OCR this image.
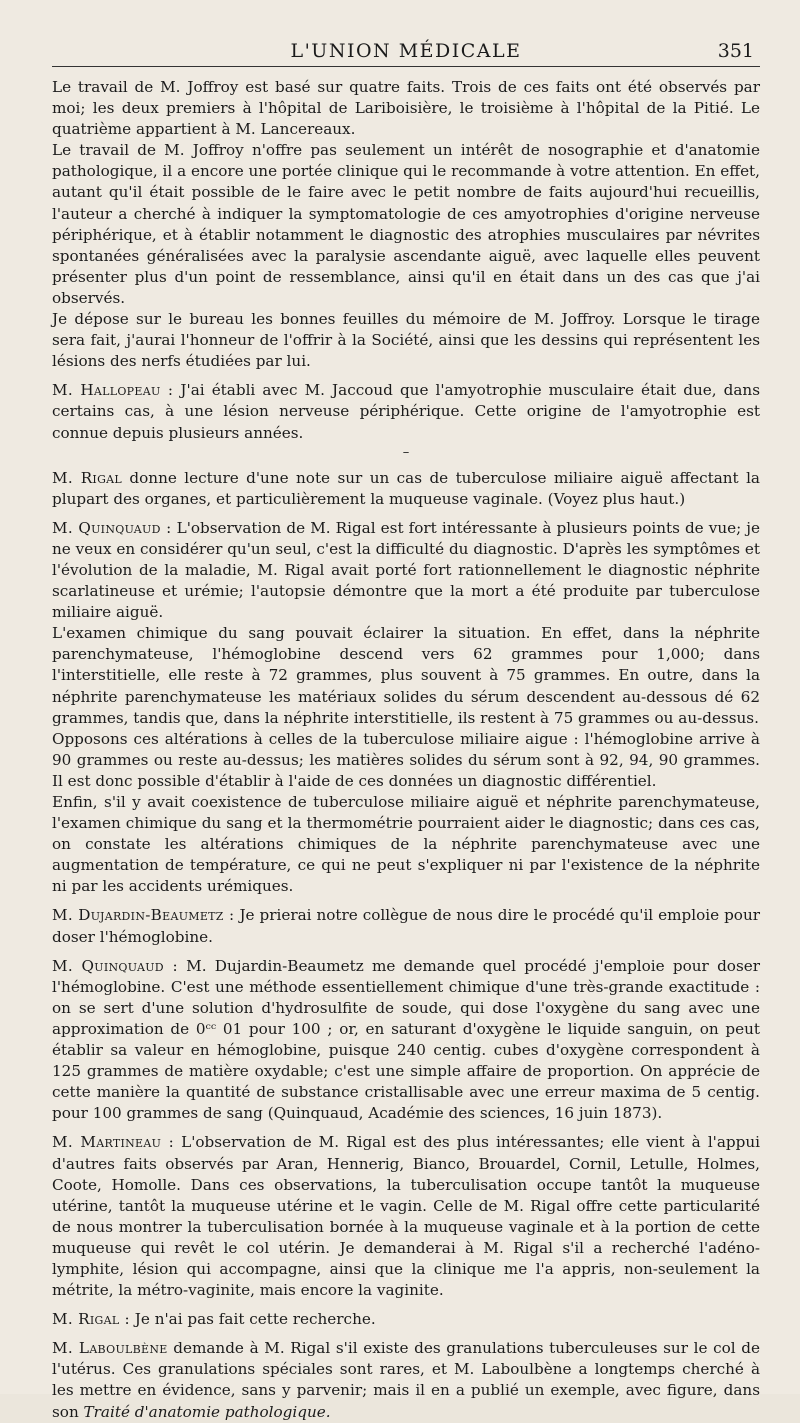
L'UNION MÉDICALE	351

Le travail de M. Joffroy est basé sur quatre faits. Trois de ces faits ont été observés par moi; les deux premiers à l'hôpital de Lariboisière, le troisième à l'hôpital de la Pitié. Le quatrième appartient à M. Lancereaux.

Le travail de M. Joffroy n'offre pas seulement un intérêt de nosographie et d'anatomie pathologique, il a encore une portée clinique qui le recommande à votre attention. En effet, autant qu'il était possible de le faire avec le petit nombre de faits aujourd'hui recueillis, l'auteur a cherché à indiquer la symptomatologie de ces amyotrophies d'origine nerveuse périphérique, et à établir notamment le diagnostic des atrophies musculaires par névrites spontanées généralisées avec la paralysie ascendante aiguë, avec laquelle elles peuvent présenter plus d'un point de ressemblance, ainsi qu'il en était dans un des cas que j'ai observés.

Je dépose sur le bureau les bonnes feuilles du mémoire de M. Joffroy. Lorsque le tirage sera fait, j'aurai l'honneur de l'offrir à la Société, ainsi que les dessins qui représentent les lésions des nerfs étudiées par lui.

M. Hallopeau : J'ai établi avec M. Jaccoud que l'amyotrophie musculaire était due, dans certains cas, à une lésion nerveuse périphérique. Cette origine de l'amyotrophie est connue depuis plusieurs années.

–

M. Rigal donne lecture d'une note sur un cas de tuberculose miliaire aiguë affectant la plupart des organes, et particulièrement la muqueuse vaginale. (Voyez plus haut.)

M. Quinquaud : L'observation de M. Rigal est fort intéressante à plusieurs points de vue; je ne veux en considérer qu'un seul, c'est la difficulté du diagnostic. D'après les symptômes et l'évolution de la maladie, M. Rigal avait porté fort rationnellement le diagnostic néphrite scarlatineuse et urémie; l'autopsie démontre que la mort a été produite par tuberculose miliaire aiguë.

L'examen chimique du sang pouvait éclairer la situation. En effet, dans la néphrite parenchymateuse, l'hémoglobine descend vers 62 grammes pour 1,000; dans l'interstitielle, elle reste à 72 grammes, plus souvent à 75 grammes. En outre, dans la néphrite parenchymateuse les matériaux solides du sérum descendent au-dessous dé 62 grammes, tandis que, dans la néphrite interstitielle, ils restent à 75 grammes ou au-dessus.

Opposons ces altérations à celles de la tuberculose miliaire aigue : l'hémoglobine arrive à 90 grammes ou reste au-dessus; les matières solides du sérum sont à 92, 94, 90 grammes. Il est donc possible d'établir à l'aide de ces données un diagnostic différentiel.

Enfin, s'il y avait coexistence de tuberculose miliaire aiguë et néphrite parenchymateuse, l'examen chimique du sang et la thermométrie pourraient aider le diagnostic; dans ces cas, on constate les altérations chimiques de la néphrite parenchymateuse avec une augmentation de température, ce qui ne peut s'expliquer ni par l'existence de la néphrite ni par les accidents urémiques.

M. Dujardin-Beaumetz : Je prierai notre collègue de nous dire le procédé qu'il emploie pour doser l'hémoglobine.

M. Quinquaud : M. Dujardin-Beaumetz me demande quel procédé j'emploie pour doser l'hémoglobine. C'est une méthode essentiellement chimique d'une très-grande exactitude : on se sert d'une solution d'hydrosulfite de soude, qui dose l'oxygène du sang avec une approximation de 0ᶜᶜ 01 pour 100 ; or, en saturant d'oxygène le liquide sanguin, on peut établir sa valeur en hémoglobine, puisque 240 centig. cubes d'oxygène correspondent à 125 grammes de matière oxydable; c'est une simple affaire de proportion. On apprécie de cette manière la quantité de substance cristallisable avec une erreur maxima de 5 centig. pour 100 grammes de sang (Quinquaud, Académie des sciences, 16 juin 1873).

M. Martineau : L'observation de M. Rigal est des plus intéressantes; elle vient à l'appui d'autres faits observés par Aran, Hennerig, Bianco, Brouardel, Cornil, Letulle, Holmes, Coote, Homolle. Dans ces observations, la tuberculisation occupe tantôt la muqueuse utérine, tantôt la muqueuse utérine et le vagin. Celle de M. Rigal offre cette particularité de nous montrer la tuberculisation bornée à la muqueuse vaginale et à la portion de cette muqueuse qui revêt le col utérin. Je demanderai à M. Rigal s'il a recherché l'adéno-lymphite, lésion qui accompagne, ainsi que la clinique me l'a appris, non-seulement la métrite, la métro-vaginite, mais encore la vaginite.

M. Rigal : Je n'ai pas fait cette recherche.

M. Laboulbène demande à M. Rigal s'il existe des granulations tuberculeuses sur le col de l'utérus. Ces granulations spéciales sont rares, et M. Laboulbène a longtemps cherché à les mettre en évidence, sans y parvenir; mais il en a publié un exemple, avec figure, dans son Traité d'anatomie pathologique.
